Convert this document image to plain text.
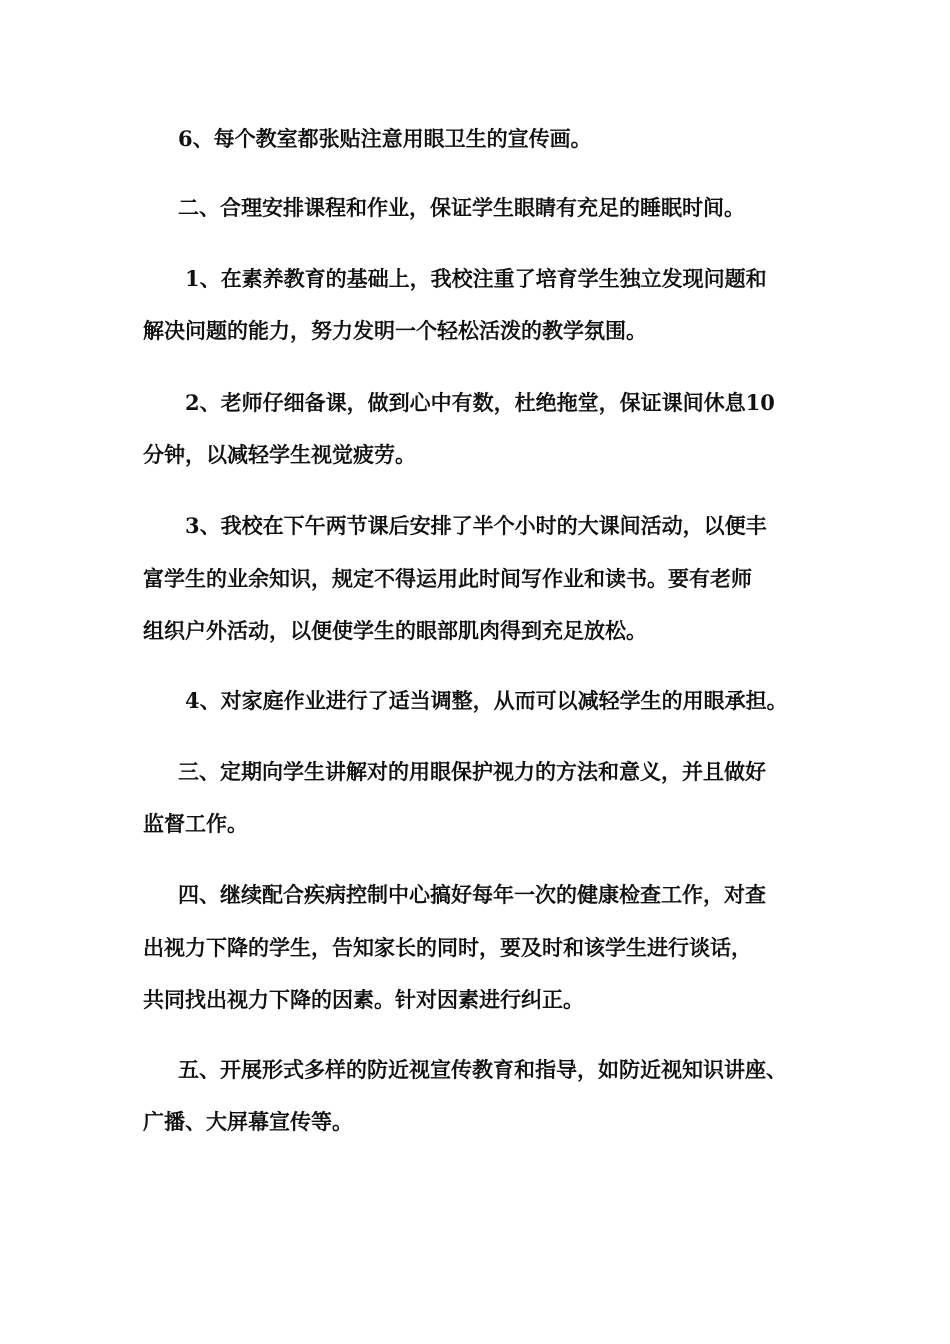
6、每个教室都张贴注意用眼卫生的宣传画。

二、合理安排课程和作业，保证学生眼睛有充足的睡眠时间。

1、在素养教育的基础上，我校注重了培育学生独立发现问题和

解决问题的能力，努力发明一个轻松活泼的教学氛围。

2、老师仔细备课，做到心中有数，杜绝拖堂，保证课间休息10

分钟，以减轻学生视觉疲劳。

3、我校在下午两节课后安排了半个小时的大课间活动，以便丰

富学生的业余知识，规定不得运用此时间写作业和读书。要有老师

组织户外活动，以便使学生的眼部肌肉得到充足放松。

4、对家庭作业进行了适当调整，从而可以减轻学生的用眼承担。

三、定期向学生讲解对的用眼保护视力的方法和意义，并且做好

监督工作。

四、继续配合疾病控制中心搞好每年一次的健康检查工作，对查

出视力下降的学生，告知家长的同时，要及时和该学生进行谈话，

共同找出视力下降的因素。针对因素进行纠正。

五、开展形式多样的防近视宣传教育和指导，如防近视知识讲座、

广播、大屏幕宣传等。
